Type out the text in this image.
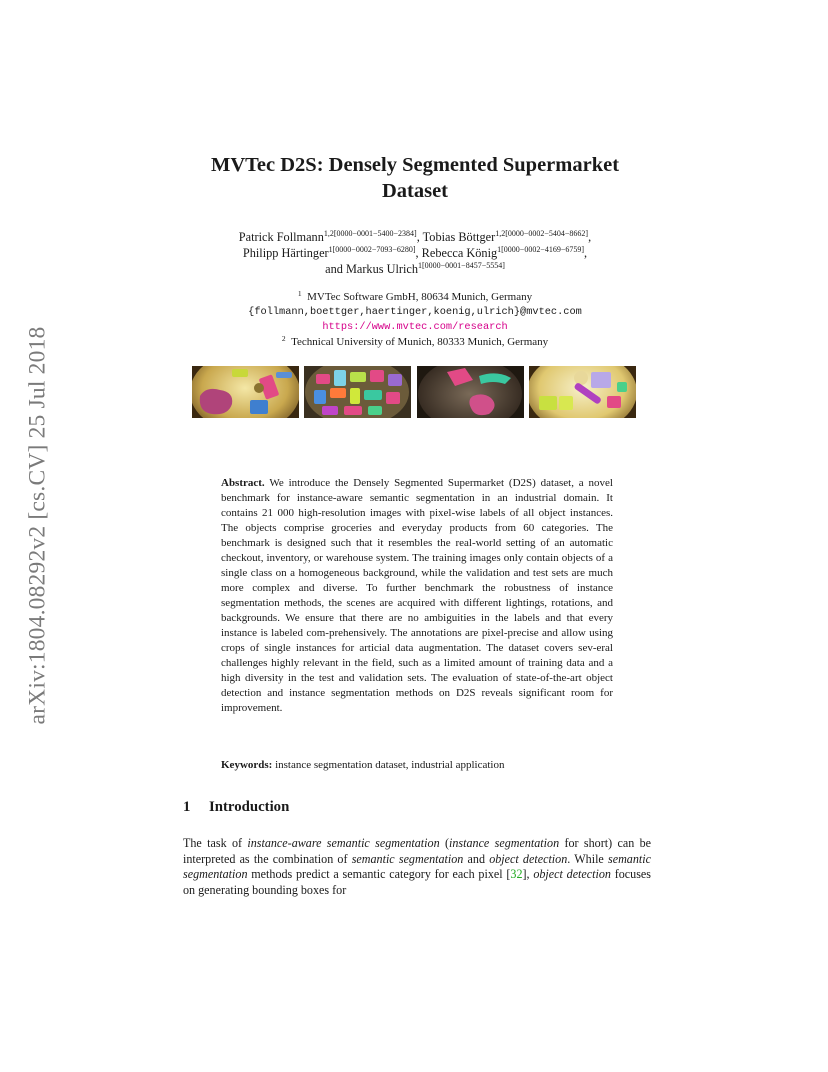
arXiv:1804.08292v2 [cs.CV] 25 Jul 2018
MVTec D2S: Densely Segmented Supermarket
Dataset
Patrick Follmann$^{1,2[0000-0001-5400-2384]}$, Tobias Böttger$^{1,2[0000-0002-5404-8662]}$,
Philipp Härtinger$^{1[0000-0002-7093-6280]}$, Rebecca König$^{1[0000-0002-4169-6759]}$,
and Markus Ulrich$^{1[0000-0001-8457-5554]}$
$^1$ MVTec Software GmbH, 80634 Munich, Germany
{follmann,boettger,haertinger,koenig,ulrich}@mvtec.com
https://www.mvtec.com/research
$^2$ Technical University of Munich, 80333 Munich, Germany

Abstract. We introduce the Densely Segmented Supermarket (D2S) dataset, a novel benchmark for instance-aware semantic segmentation in an industrial domain. It contains 21 000 high-resolution images with pixel-wise labels of all object instances. The objects comprise groceries and everyday products from 60 categories. The benchmark is designed such that it resembles the real-world setting of an automatic checkout, inventory, or warehouse system. The training images only contain objects of a single class on a homogeneous background, while the validation and test sets are much more complex and diverse. To further benchmark the robustness of instance segmentation methods, the scenes are acquired with different lightings, rotations, and backgrounds. We ensure that there are no ambiguities in the labels and that every instance is labeled com-prehensively. The annotations are pixel-precise and allow using crops of single instances for articial data augmentation. The dataset covers sev-eral challenges highly relevant in the field, such as a limited amount of training data and a high diversity in the test and validation sets. The evaluation of state-of-the-art object detection and instance segmentation methods on D2S reveals significant room for improvement.

Keywords: instance segmentation dataset, industrial application

1 Introduction

The task of instance-aware semantic segmentation (instance segmentation for short) can be interpreted as the combination of semantic segmentation and object detection. While semantic segmentation methods predict a semantic category for each pixel [32], object detection focuses on generating bounding boxes for
